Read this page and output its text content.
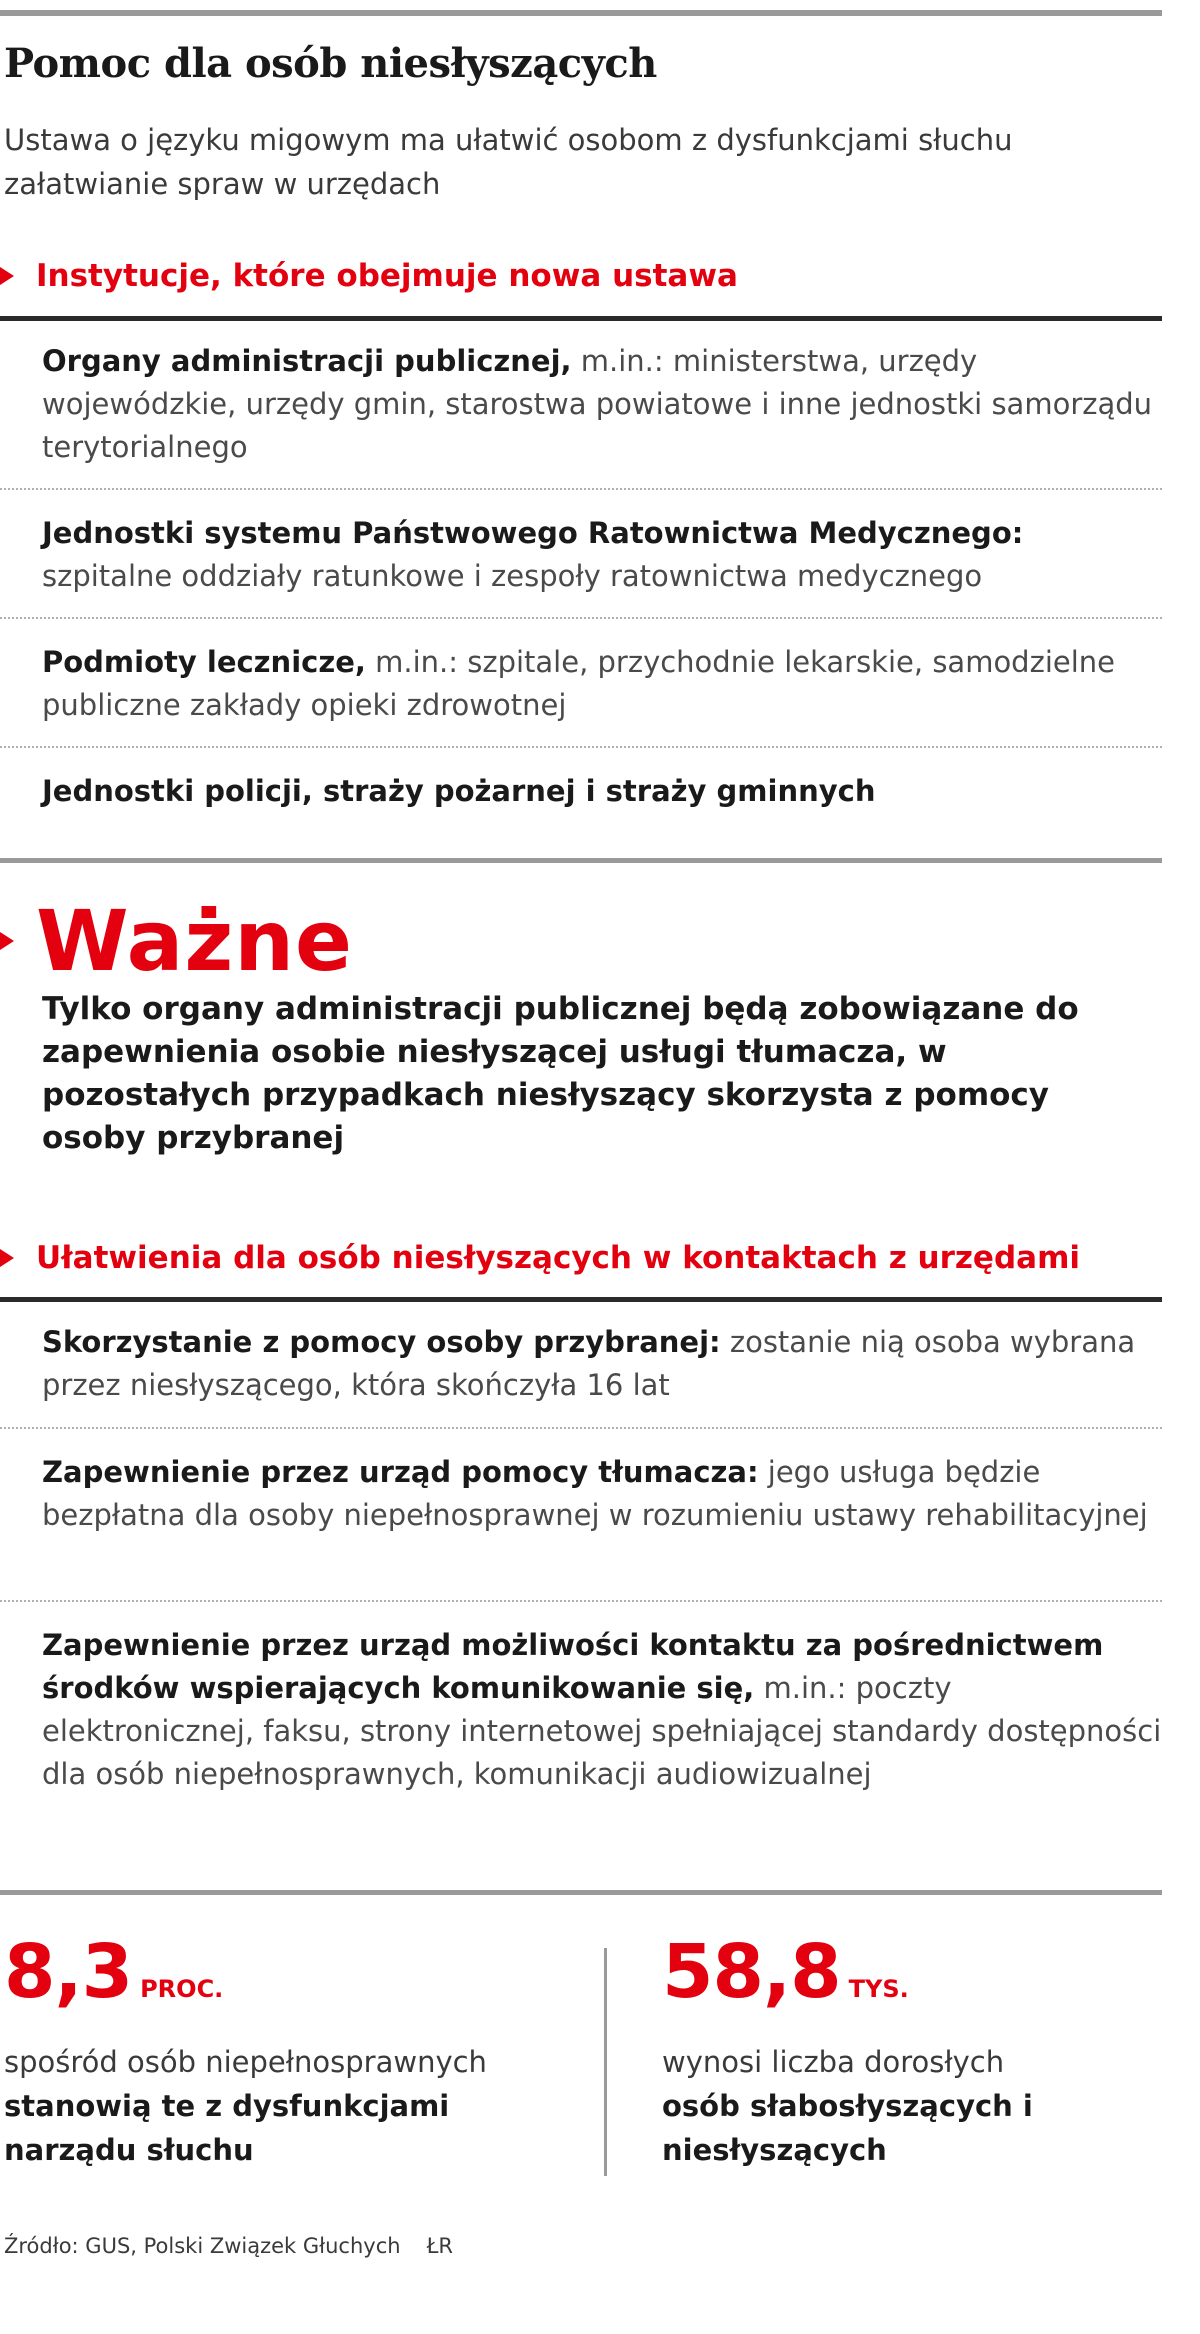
Pomoc dla osób niesłyszących
Ustawa o języku migowym ma ułatwić osobom z dysfunkcjami słuchu załatwianie spraw w urzędach
Instytucje, które obejmuje nowa ustawa
Organy administracji publicznej, m.in.: ministerstwa, urzędy wojewódzkie, urzędy gmin, starostwa powiatowe i inne jednostki samorządu terytorialnego
Jednostki systemu Państwowego Ratownictwa Medycznego: szpitalne oddziały ratunkowe i zespoły ratownictwa medycznego
Podmioty lecznicze, m.in.: szpitale, przychodnie lekarskie, samodzielne publiczne zakłady opieki zdrowotnej
Jednostki policji, straży pożarnej i straży gminnych
Ważne
Tylko organy administracji publicznej będą zobowiązane do zapewnienia osobie niesłyszącej usługi tłumacza, w pozostałych przypadkach niesłyszący skorzysta z pomocy osoby przybranej
Ułatwienia dla osób niesłyszących w kontaktach z urzędami
Skorzystanie z pomocy osoby przybranej: zostanie nią osoba wybrana przez niesłyszącego, która skończyła 16 lat
Zapewnienie przez urząd pomocy tłumacza: jego usługa będzie bezpłatna dla osoby niepełnosprawnej w rozumieniu ustawy rehabilitacyjnej
Zapewnienie przez urząd możliwości kontaktu za pośrednictwem środków wspierających komunikowanie się, m.in.: poczty elektronicznej, faksu, strony internetowej spełniającej standardy dostępności dla osób niepełnosprawnych, komunikacji audiowizualnej
8,3 PROC.
spośród osób niepełnosprawnych
stanowią te z dysfunkcjami narządu słuchu
58,8 TYS.
wynosi liczba dorosłych
osób słabosłyszących i niesłyszących
Źródło: GUS, Polski Związek Głuchych ŁR
